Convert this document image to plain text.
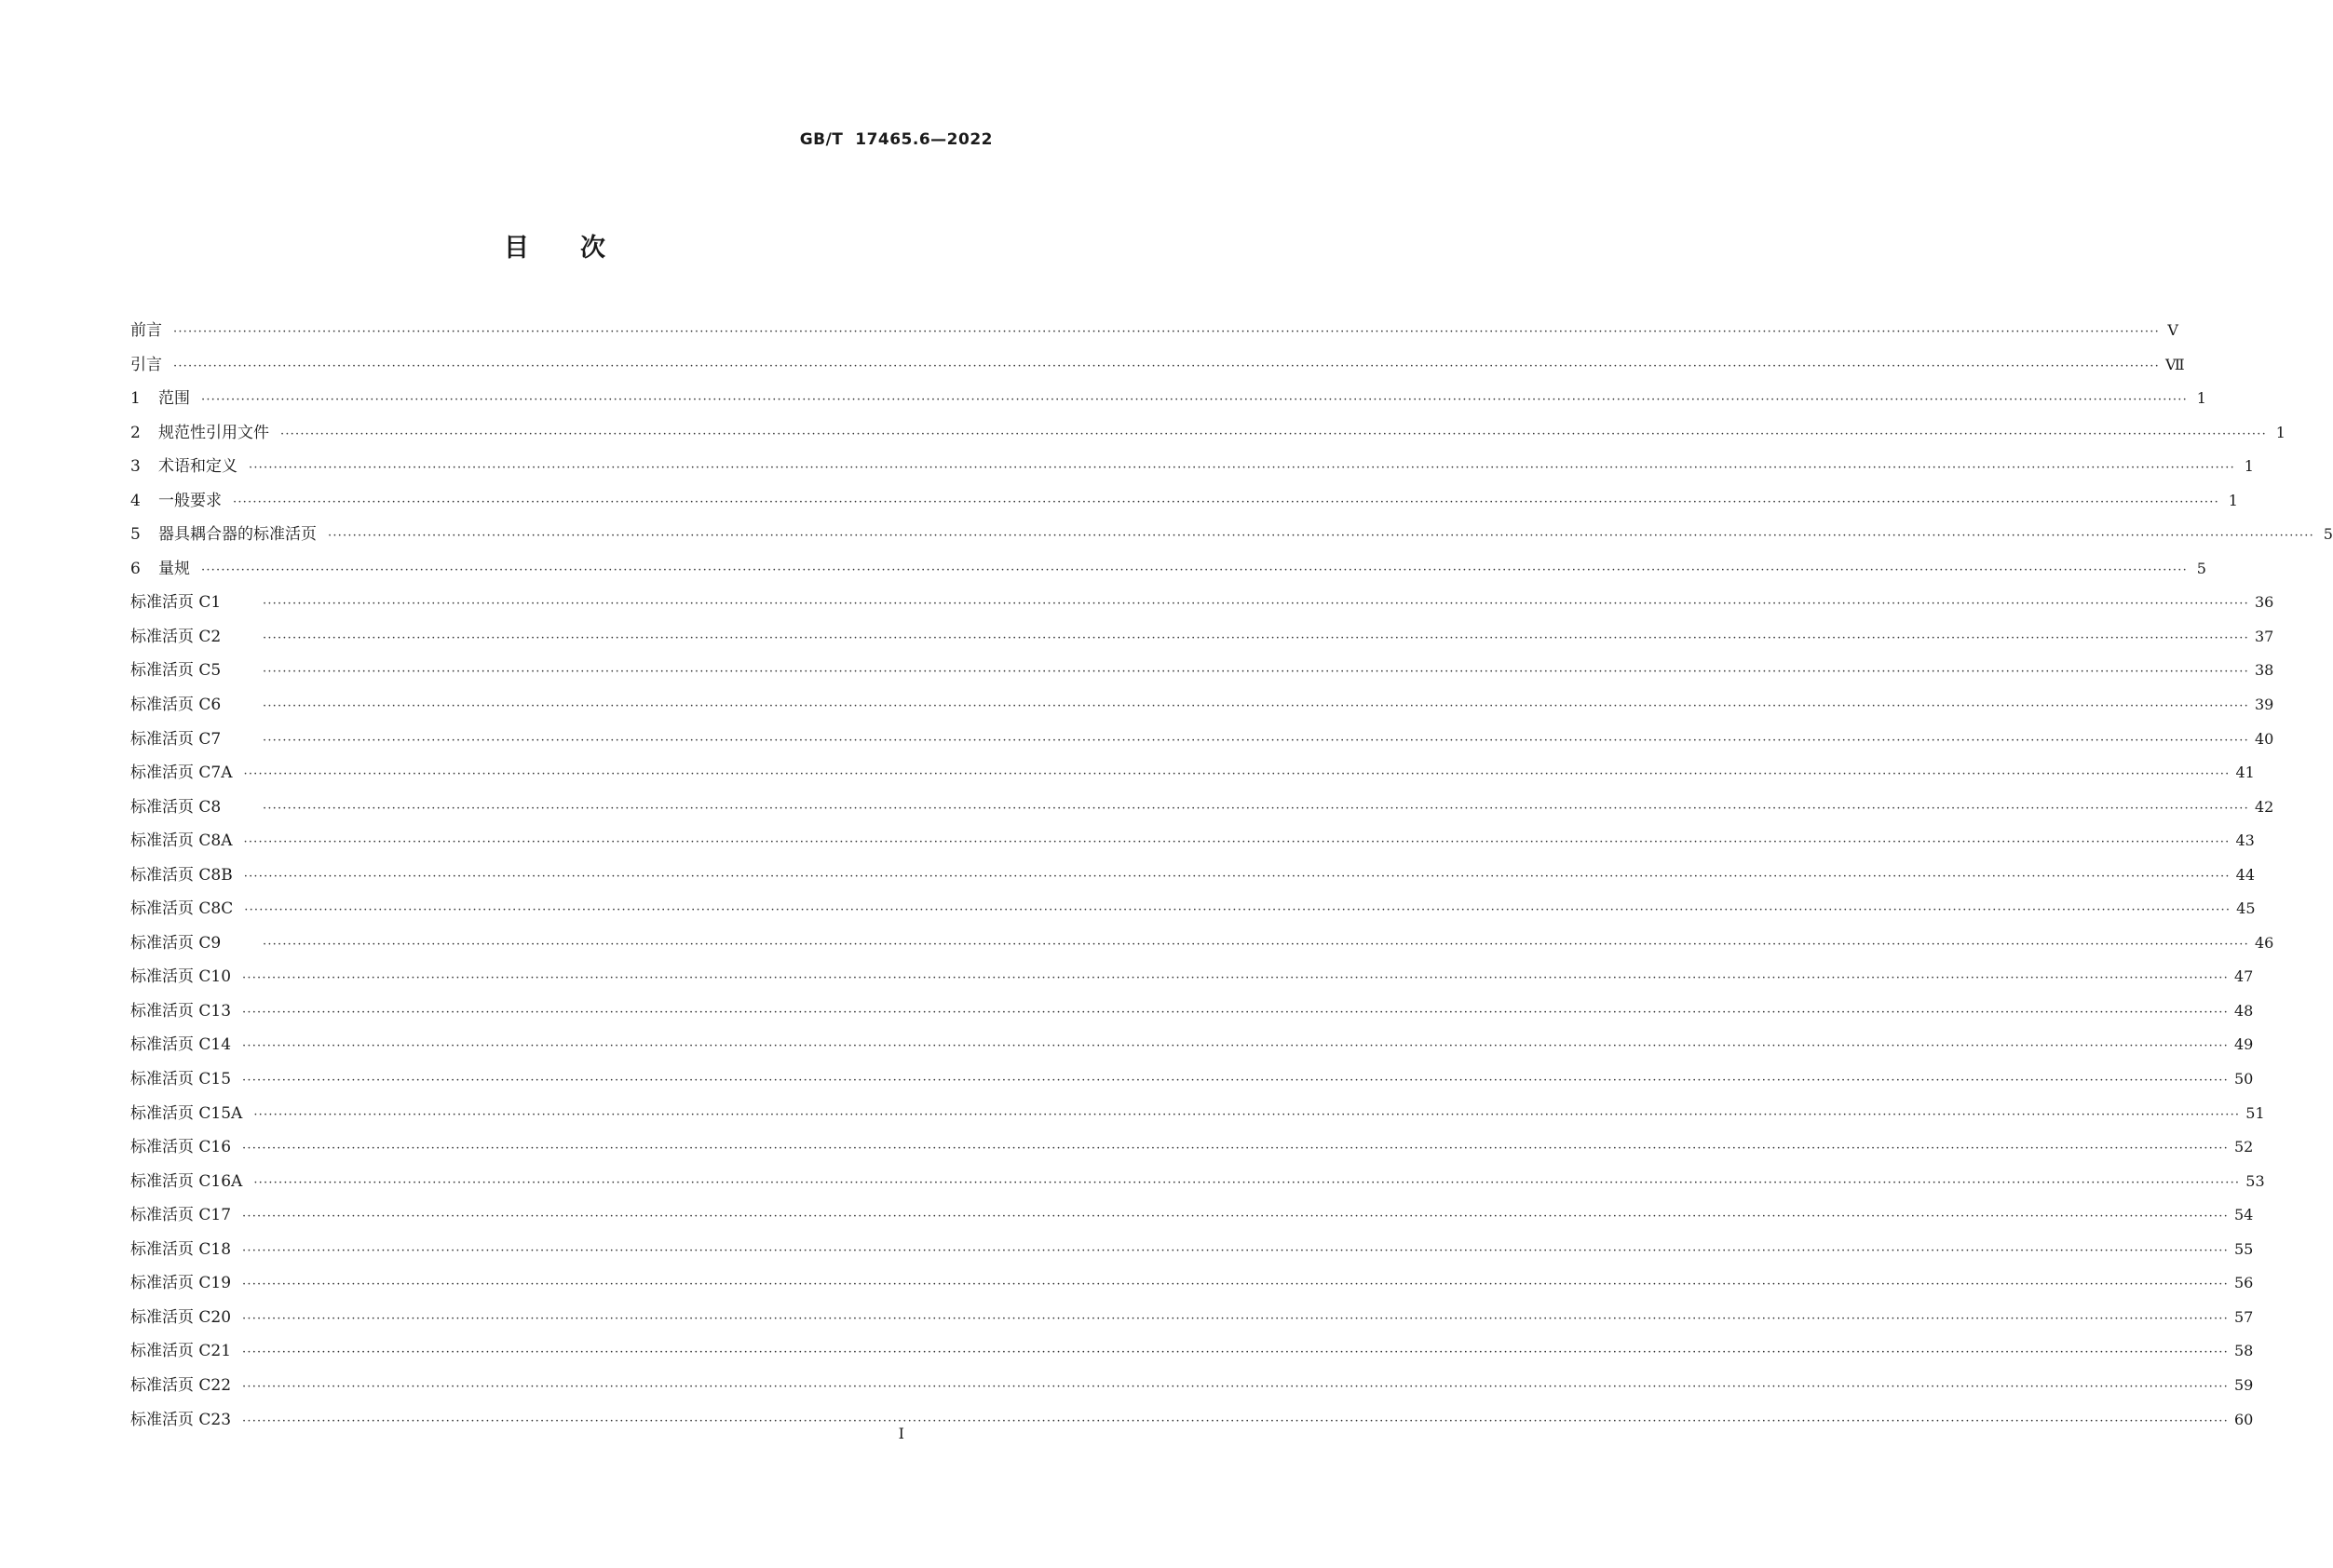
GB/T  17465.6—2022
目次
前言 ················································································································································································································································································································································································································ Ⅴ
引言 ················································································································································································································································································································································································································ Ⅶ
1 范围 ················································································································································································································································································································································································································ 1
2 规范性引用文件 ················································································································································································································································································································································································································ 1
3 术语和定义 ················································································································································································································································································································································································································ 1
4 一般要求 ················································································································································································································································································································································································································ 1
5 器具耦合器的标准活页 ················································································································································································································································································································································································································ 5
6 量规 ················································································································································································································································································································································································································ 5
标准活页 C1	················································································································································································································································································································································································································ 36
标准活页 C2	················································································································································································································································································································································································································ 37
标准活页 C5	················································································································································································································································································································································································································ 38
标准活页 C6	················································································································································································································································································································································································································ 39
标准活页 C7	················································································································································································································································································································································································································ 40
标准活页 C7A ················································································································································································································································································································································································································ 41
标准活页 C8	················································································································································································································································································································································································································ 42
标准活页 C8A ················································································································································································································································································································································································································ 43
标准活页 C8B ················································································································································································································································································································································································································ 44
标准活页 C8C ················································································································································································································································································································································································································ 45
标准活页 C9	················································································································································································································································································································································································································ 46
标准活页 C10 ················································································································································································································································································································································································································ 47
标准活页 C13 ················································································································································································································································································································································································································ 48
标准活页 C14 ················································································································································································································································································································································································································ 49
标准活页 C15 ················································································································································································································································································································································································································ 50
标准活页 C15A ················································································································································································································································································································································································································ 51
标准活页 C16 ················································································································································································································································································································································································································ 52
标准活页 C16A ················································································································································································································································································································································································································ 53
标准活页 C17 ················································································································································································································································································································································································································ 54
标准活页 C18 ················································································································································································································································································································································································································ 55
标准活页 C19 ················································································································································································································································································································································································································ 56
标准活页 C20 ················································································································································································································································································································································································································ 57
标准活页 C21 ················································································································································································································································································································································································································ 58
标准活页 C22 ················································································································································································································································································································································································································ 59
标准活页 C23 ················································································································································································································································································································································································································ 60
I
